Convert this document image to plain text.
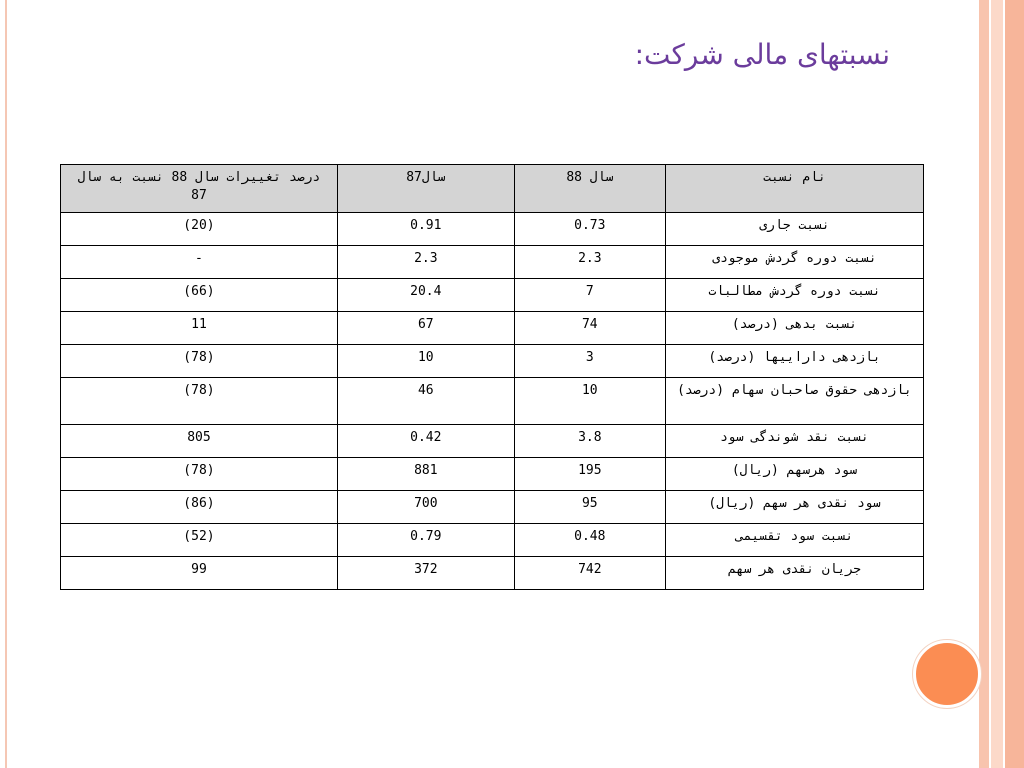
نسبتهای مالی شرکت:
نام نسبت	سال 88	سال87	درصد تغییرات سال 88 نسبت به سال 87
نسبت جاری	0.73	0.91	(20)
نسبت دوره گردش موجودی	2.3	2.3	-
نسبت دوره گردش مطالبات	7	20.4	(66)
نسبت بدهی (درصد)	74	67	11
بازدهی داراییها (درصد)	3	10	(78)
بازدهی حقوق صاحبان سهام (درصد)	10	46	(78)
نسبت نقد شوندگی سود	3.8	0.42	805
سود هرسهم (ریال)	195	881	(78)
سود نقدی هر سهم (ریال)	95	700	(86)
نسبت سود تقسیمی	0.48	0.79	(52)
جریان نقدی هر سهم	742	372	99
